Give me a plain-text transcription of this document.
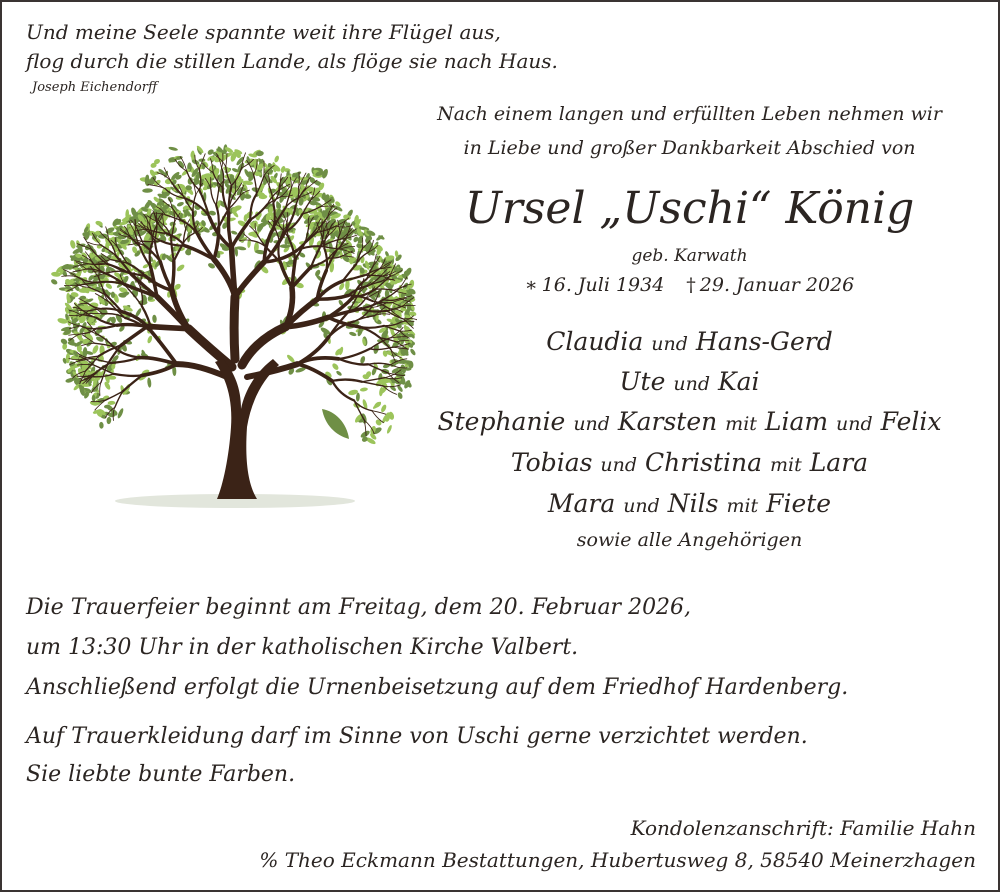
Und meine Seele spannte weit ihre Flügel aus,
flog durch die stillen Lande, als flöge sie nach Haus.
Joseph Eichendorff
Nach einem langen und erfüllten Leben nehmen wir
in Liebe und großer Dankbarkeit Abschied von
Ursel „Uschi“ König
geb. Karwath
∗ 16. Juli 1934 † 29. Januar 2026
Claudia und Hans-Gerd
Ute und Kai
Stephanie und Karsten mit Liam und Felix
Tobias und Christina mit Lara
Mara und Nils mit Fiete
sowie alle Angehörigen
Die Trauerfeier beginnt am Freitag, dem 20. Februar 2026,
um 13:30 Uhr in der katholischen Kirche Valbert.
Anschließend erfolgt die Urnenbeisetzung auf dem Friedhof Hardenberg.
Auf Trauerkleidung darf im Sinne von Uschi gerne verzichtet werden.
Sie liebte bunte Farben.
Kondolenzanschrift: Familie Hahn
% Theo Eckmann Bestattungen, Hubertusweg 8, 58540 Meinerzhagen
